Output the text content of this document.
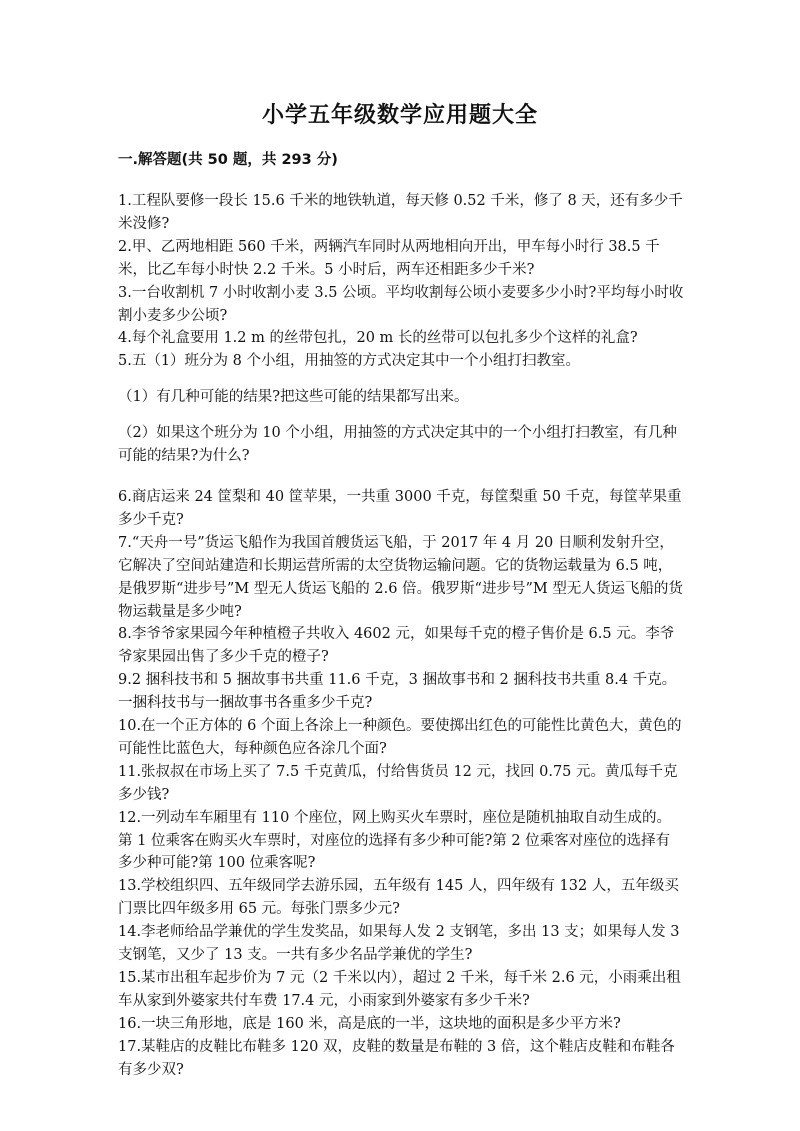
小学五年级数学应用题大全
一.解答题(共 50 题，共 293 分)

1.工程队要修一段长 15.6 千米的地铁轨道，每天修 0.52 千米，修了 8 天，还有多少千米没修?

2.甲、乙两地相距 560 千米，两辆汽车同时从两地相向开出，甲车每小时行 38.5 千米，比乙车每小时快 2.2 千米。5 小时后，两车还相距多少千米?

3.一台收割机 7 小时收割小麦 3.5 公顷。平均收割每公顷小麦要多少小时?平均每小时收割小麦多少公顷?

4.每个礼盒要用 1.2 m 的丝带包扎，20 m 长的丝带可以包扎多少个这样的礼盒?

5.五（1）班分为 8 个小组，用抽签的方式决定其中一个小组打扫教室。

（1）有几种可能的结果?把这些可能的结果都写出来。

（2）如果这个班分为 10 个小组，用抽签的方式决定其中的一个小组打扫教室，有几种可能的结果?为什么?

6.商店运来 24 筐梨和 40 筐苹果，一共重 3000 千克，每筐梨重 50 千克，每筐苹果重多少千克?

7.“天舟一号”货运飞船作为我国首艘货运飞船，于 2017 年 4 月 20 日顺利发射升空，它解决了空间站建造和长期运营所需的太空货物运输问题。它的货物运载量为 6.5 吨，是俄罗斯“进步号”M 型无人货运飞船的 2.6 倍。俄罗斯“进步号”M 型无人货运飞船的货物运载量是多少吨?

8.李爷爷家果园今年种植橙子共收入 4602 元，如果每千克的橙子售价是 6.5 元。李爷爷家果园出售了多少千克的橙子?

9.2 捆科技书和 5 捆故事书共重 11.6 千克，3 捆故事书和 2 捆科技书共重 8.4 千克。一捆科技书与一捆故事书各重多少千克?

10.在一个正方体的 6 个面上各涂上一种颜色。要使掷出红色的可能性比黄色大，黄色的可能性比蓝色大，每种颜色应各涂几个面?

11.张叔叔在市场上买了 7.5 千克黄瓜，付给售货员 12 元，找回 0.75 元。黄瓜每千克多少钱?

12.一列动车车厢里有 110 个座位，网上购买火车票时，座位是随机抽取自动生成的。第 1 位乘客在购买火车票时，对座位的选择有多少种可能?第 2 位乘客对座位的选择有多少种可能?第 100 位乘客呢?

13.学校组织四、五年级同学去游乐园，五年级有 145 人，四年级有 132 人，五年级买门票比四年级多用 65 元。每张门票多少元?

14.李老师给品学兼优的学生发奖品，如果每人发 2 支钢笔，多出 13 支；如果每人发 3 支钢笔，又少了 13 支。一共有多少名品学兼优的学生?

15.某市出租车起步价为 7 元（2 千米以内），超过 2 千米，每千米 2.6 元，小雨乘出租车从家到外婆家共付车费 17.4 元，小雨家到外婆家有多少千米?

16.一块三角形地，底是 160 米，高是底的一半，这块地的面积是多少平方米?

17.某鞋店的皮鞋比布鞋多 120 双，皮鞋的数量是布鞋的 3 倍，这个鞋店皮鞋和布鞋各有多少双?
